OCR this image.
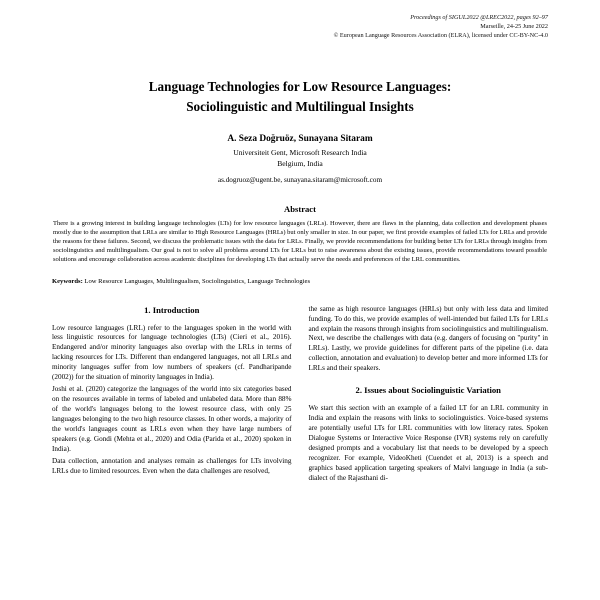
Proceedings of SIGUL2022 @LREC2022, pages 92–97
Marseille, 24-25 June 2022
© European Language Resources Association (ELRA), licensed under CC-BY-NC-4.0
Language Technologies for Low Resource Languages:
Sociolinguistic and Multilingual Insights
A. Seza Doğruöz, Sunayana Sitaram
Universiteit Gent, Microsoft Research India
Belgium, India
as.dogruoz@ugent.be, sunayana.sitaram@microsoft.com
Abstract
There is a growing interest in building language technologies (LTs) for low resource languages (LRLs). However, there are flaws in the planning, data collection and development phases mostly due to the assumption that LRLs are similar to High Resource Languages (HRLs) but only smaller in size. In our paper, we first provide examples of failed LTs for LRLs and provide the reasons for these failures. Second, we discuss the problematic issues with the data for LRLs. Finally, we provide recommendations for building better LTs for LRLs through insights from sociolinguistics and multilingualism. Our goal is not to solve all problems around LTs for LRLs but to raise awareness about the existing issues, provide recommendations toward possible solutions and encourage collaboration across academic disciplines for developing LTs that actually serve the needs and preferences of the LRL communities.
Keywords: Low Resource Languages, Multilingualism, Sociolinguistics, Language Technologies
1. Introduction

Low resource languages (LRL) refer to the languages spoken in the world with less linguistic resources for language technologies (LTs) (Cieri et al., 2016). Endangered and/or minority languages also overlap with the LRLs in terms of lacking resources for LTs. Different than endangered languages, not all LRLs and minority languages suffer from low numbers of speakers (cf. Pandharipande (2002)) for the situation of minority languages in India).

Joshi et al. (2020) categorize the languages of the world into six categories based on the resources available in terms of labeled and unlabeled data. More than 88% of the world's languages belong to the lowest resource class, with only 25 languages belonging to the two high resource classes. In other words, a majority of the world's languages count as LRLs even when they have large numbers of speakers (e.g. Gondi (Mehta et al., 2020) and Odia (Parida et al., 2020) spoken in India).

Data collection, annotation and analyses remain as challenges for LTs involving LRLs due to limited resources. Even when the data challenges are resolved,

the same as high resource languages (HRLs) but only with less data and limited funding. To do this, we provide examples of well-intended but failed LTs for LRLs and explain the reasons through insights from sociolinguistics and multilingualism. Next, we describe the challenges with data (e.g. dangers of focusing on "purity" in LRLs). Lastly, we provide guidelines for different parts of the pipeline (i.e. data collection, annotation and evaluation) to develop better and more informed LTs for LRLs and their speakers.

2. Issues about Sociolinguistic Variation

We start this section with an example of a failed LT for an LRL community in India and explain the reasons with links to sociolinguistics. Voice-based systems are potentially useful LTs for LRL communities with low literacy rates. Spoken Dialogue Systems or Interactive Voice Response (IVR) systems rely on carefully designed prompts and a vocabulary list that needs to be developed by a speech recognizer. For example, VideoKheti (Cuendet et al, 2013) is a speech and graphics based application targeting speakers of Malvi language in India (a sub-dialect of the Rajasthani di-
